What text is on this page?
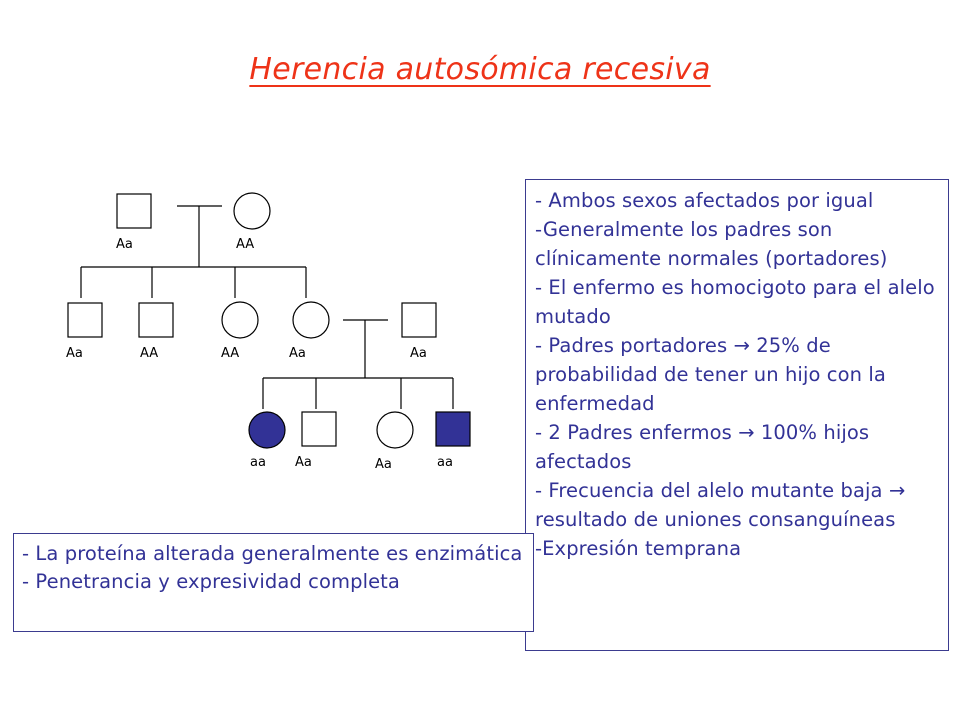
Herencia autosómica recesiva
Aa	AA
Aa	AA	AA	Aa	Aa
aa Aa	Aa	aa
- Ambos sexos afectados por igual
-Generalmente los padres son clínicamente normales (portadores)
- El enfermo es homocigoto para el alelo mutado
- Padres portadores → 25% de probabilidad de tener un hijo con la enfermedad
- 2 Padres enfermos → 100% hijos afectados
- Frecuencia del alelo mutante baja → resultado de uniones consanguíneas
-Expresión temprana
- La proteína alterada generalmente es enzimática
- Penetrancia y expresividad completa
